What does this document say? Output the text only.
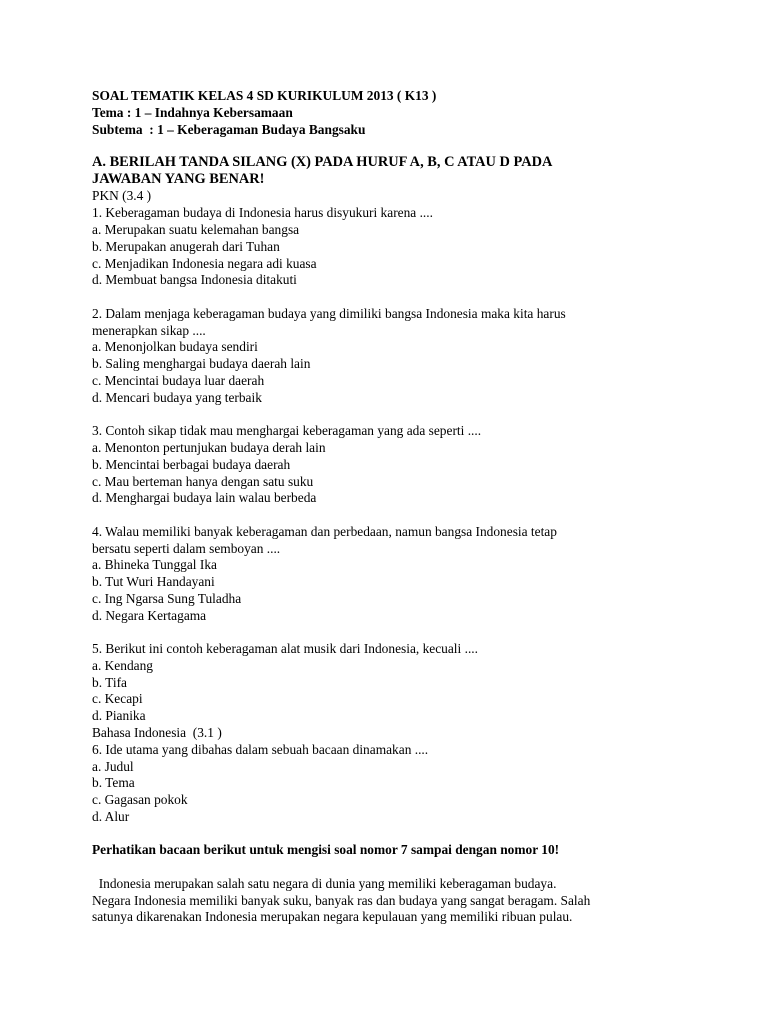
SOAL TEMATIK KELAS 4 SD KURIKULUM 2013 ( K13 )
Tema : 1 – Indahnya Kebersamaan
Subtema  : 1 – Keberagaman Budaya Bangsaku
A. BERILAH TANDA SILANG (X) PADA HURUF A, B, C ATAU D PADA
JAWABAN YANG BENAR!
PKN (3.4 )
1. Keberagaman budaya di Indonesia harus disyukuri karena ....
a. Merupakan suatu kelemahan bangsa
b. Merupakan anugerah dari Tuhan
c. Menjadikan Indonesia negara adi kuasa
d. Membuat bangsa Indonesia ditakuti
2. Dalam menjaga keberagaman budaya yang dimiliki bangsa Indonesia maka kita harus
menerapkan sikap ....
a. Menonjolkan budaya sendiri
b. Saling menghargai budaya daerah lain
c. Mencintai budaya luar daerah
d. Mencari budaya yang terbaik
3. Contoh sikap tidak mau menghargai keberagaman yang ada seperti ....
a. Menonton pertunjukan budaya derah lain
b. Mencintai berbagai budaya daerah
c. Mau berteman hanya dengan satu suku
d. Menghargai budaya lain walau berbeda
4. Walau memiliki banyak keberagaman dan perbedaan, namun bangsa Indonesia tetap
bersatu seperti dalam semboyan ....
a. Bhineka Tunggal Ika
b. Tut Wuri Handayani
c. Ing Ngarsa Sung Tuladha
d. Negara Kertagama
5. Berikut ini contoh keberagaman alat musik dari Indonesia, kecuali ....
a. Kendang
b. Tifa
c. Kecapi
d. Pianika
Bahasa Indonesia  (3.1 )
6. Ide utama yang dibahas dalam sebuah bacaan dinamakan ....
a. Judul
b. Tema
c. Gagasan pokok
d. Alur
Perhatikan bacaan berikut untuk mengisi soal nomor 7 sampai dengan nomor 10!
Indonesia merupakan salah satu negara di dunia yang memiliki keberagaman budaya.
Negara Indonesia memiliki banyak suku, banyak ras dan budaya yang sangat beragam. Salah
satunya dikarenakan Indonesia merupakan negara kepulauan yang memiliki ribuan pulau.
